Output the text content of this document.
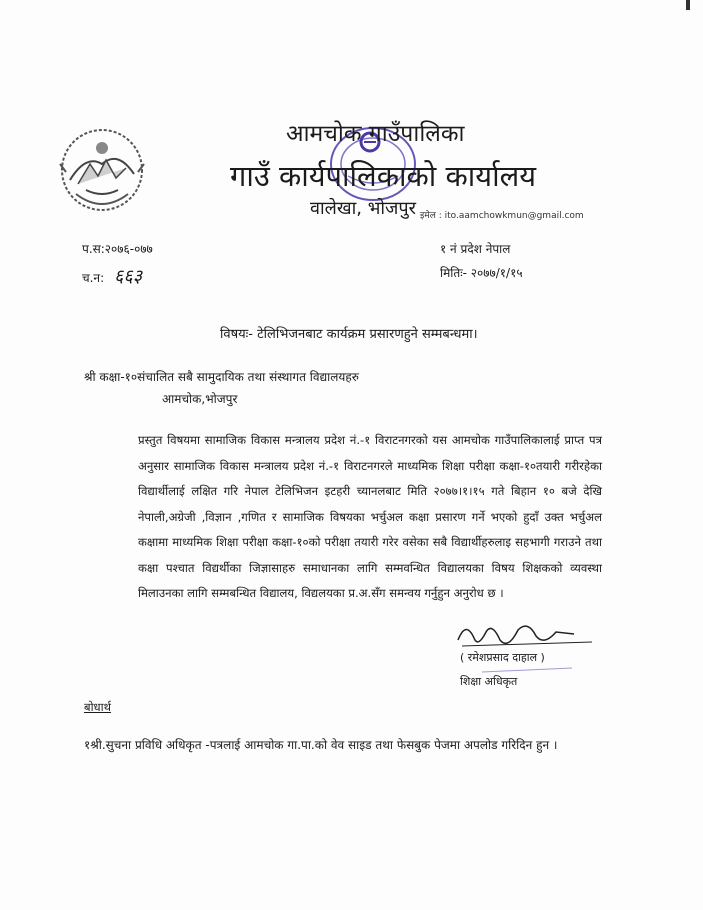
आमचोक गाउँपालिका
गाउँ कार्यपालिकाको कार्यालय
वालेखा, भोजपुर इमेल : ito.aamchowkmun@gmail.com
प.स:२०७६-०७७
च.न: ६६३
१ नं प्रदेश नेपाल
मितिः- २०७७/१/१५
विषयः- टेलिभिजनबाट कार्यक्रम प्रसारणहुने सम्मबन्धमा।
श्री कक्षा-१०संचालित सबै सामुदायिक तथा संस्थागत विद्यालयहरु
आमचोक,भोजपुर
प्रस्तुत विषयमा सामाजिक विकास मन्त्रालय प्रदेश नं.-१ विराटनगरको यस आमचोक गाउँपालिकालाई प्राप्त पत्र अनुसार सामाजिक विकास मन्त्रालय प्रदेश नं.-१ विराटनगरले माध्यमिक शिक्षा परीक्षा कक्षा-१०तयारी गरीरहेका विद्यार्थीलाई लक्षित गरि नेपाल टेलिभिजन इटहरी च्यानलबाट मिति २०७७।१।१५ गते बिहान १० बजे देखि नेपाली,अग्रेजी ,विज्ञान ,गणित र सामाजिक विषयका भर्चुअल कक्षा प्रसारण गर्ने भएको हुदाँ उक्त भर्चुअल कक्षामा माध्यमिक शिक्षा परीक्षा कक्षा-१०को परीक्षा तयारी गरेर वसेका सबै विद्यार्थीहरुलाइ सहभागी गराउने तथा कक्षा पश्चात विद्यर्थीका जिज्ञासाहरु समाधानका लागि सम्मवन्धित विद्यालयका विषय शिक्षकको व्यवस्था मिलाउनका लागि सम्मबन्धित विद्यालय, विद्यलयका प्र.अ.सँग समन्वय गर्नुहुन अनुरोध छ ।
( रमेशप्रसाद दाहाल )
शिक्षा अधिकृत
बोधार्थ
१श्री.सुचना प्रविधि अधिकृत -पत्रलाई आमचोक गा.पा.को वेव साइड तथा फेसबुक पेजमा अपलोड गरिदिन हुन ।
